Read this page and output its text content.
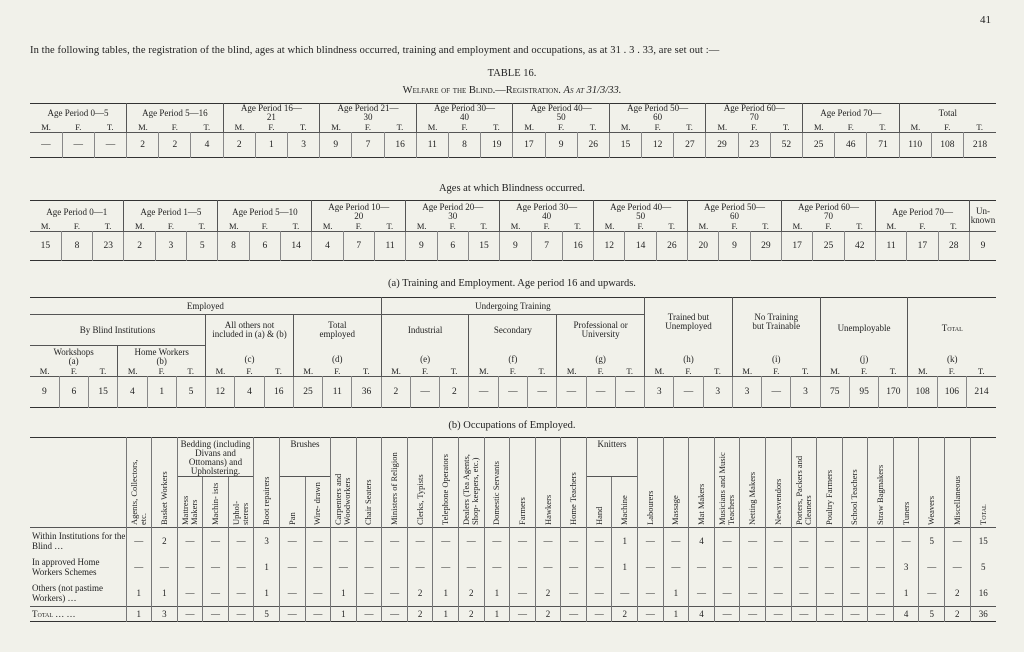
41
In the following tables, the registration of the blind, ages at which blindness occurred, training and employment and occupations, as at 31 . 3 . 33, are set out :—
TABLE 16.
Welfare of the Blind.—Registration. As at 31/3/33.
Age Period 0—5			Age Period 5—16			Age Period 16—21			Age Period 21—30			Age Period 30—40			Age Period 40—50			Age Period 50—60			Age Period 60—70			Age Period 70—			Total		
M.	F.	T.	M.	F.	T.	M.	F.	T.	M.	F.	T.	M.	F.	T.	M.	F.	T.	M.	F.	T.	M.	F.	T.	M.	F.	T.	M.	F.	T.
—	—	—	2	2	4	2	1	3	9	7	16	11	8	19	17	9	26	15	12	27	29	23	52	25	46	71	110	108	218
Ages at which Blindness occurred.
Age Period 0—1			Age Period 1—5			Age Period 5—10			Age Period 10—20			Age Period 20—30			Age Period 30—40			Age Period 40—50			Age Period 50—60			Age Period 60—70			Age Period 70—			Un- known
M.	F.	T.	M.	F.	T.	M.	F.	T.	M.	F.	T.	M.	F.	T.	M.	F.	T.	M.	F.	T.	M.	F.	T.	M.	F.	T.	M.	F.	T.	
15	8	23	2	3	5	8	6	14	4	7	11	9	6	15	9	7	16	12	14	26	20	9	29	17	25	42	11	17	28	9
(a) Training and Employment. Age period 16 and upwards.
Employed												Undergoing Training									Trained but Unemployed			No Training but Trainable			Unemployable			Total		
By Blind Institutions						All others not included in (a) & (b)			Total employed			Industrial			Secondary			Professional or University														
Workshops (a)			Home Workers (b)			(c)			(d)			(e)			(f)			(g)			(h)			(i)			(j)			(k)		
M.	F.	T.	M.	F.	T.	M.	F.	T.	M.	F.	T.	M.	F.	T.	M.	F.	T.	M.	F.	T.	M.	F.	T.	M.	F.	T.	M.	F.	T.	M.	F.	T.
9	6	15	4	1	5	12	4	16	25	11	36	2	—	2	—	—	—	—	—	—	3	—	3	3	—	3	75	95	170	108	106	214
(b) Occupations of Employed.
	Agents, Collectors, etc.	Basket Workers	Bedding (including Divans and Ottomans) and Upholstering.			Boot repairers	Brushes		Carpenters and Woodworkers	Chair Seaters	Ministers of Religion	Clerks, Typists	Telephone Operators	Dealers (Tea Agents, Shop- keepers, etc.)	Domestic Servants	Farmers	Hawkers	Home Teachers	Knitters		Labourers	Massage	Mat Makers	Musicians and Music Teachers	Netting Makers	Newsvendors	Porters, Packers and Cleaners	Poultry Farmers	School Teachers	Straw Bagmakers	Tuners	Weavers	Miscellaneous	Total
			Mattress Makers	Machin- ists	Uphol- sterers		Pan	Wire- drawn											Hand	Machine														
Within Institutions for the Blind …	—	2	—	—	—	3	—	—	—	—	—	—	—	—	—	—	—	—	—	1	—	—	4	—	—	—	—	—	—	—	—	5	—	15
In approved Home Workers Schemes	—	—	—	—	—	1	—	—	—	—	—	—	—	—	—	—	—	—	—	1	—	—	—	—	—	—	—	—	—	—	3	—	—	5
Others (not pastime Workers) …	1	1	—	—	—	1	—	—	1	—	—	2	1	2	1	—	2	—	—	—	—	1	—	—	—	—	—	—	—	—	1	—	2	16
Total … …	1	3	—	—	—	5	—	—	1	—	—	2	1	2	1	—	2	—	—	2	—	1	4	—	—	—	—	—	—	—	4	5	2	36
